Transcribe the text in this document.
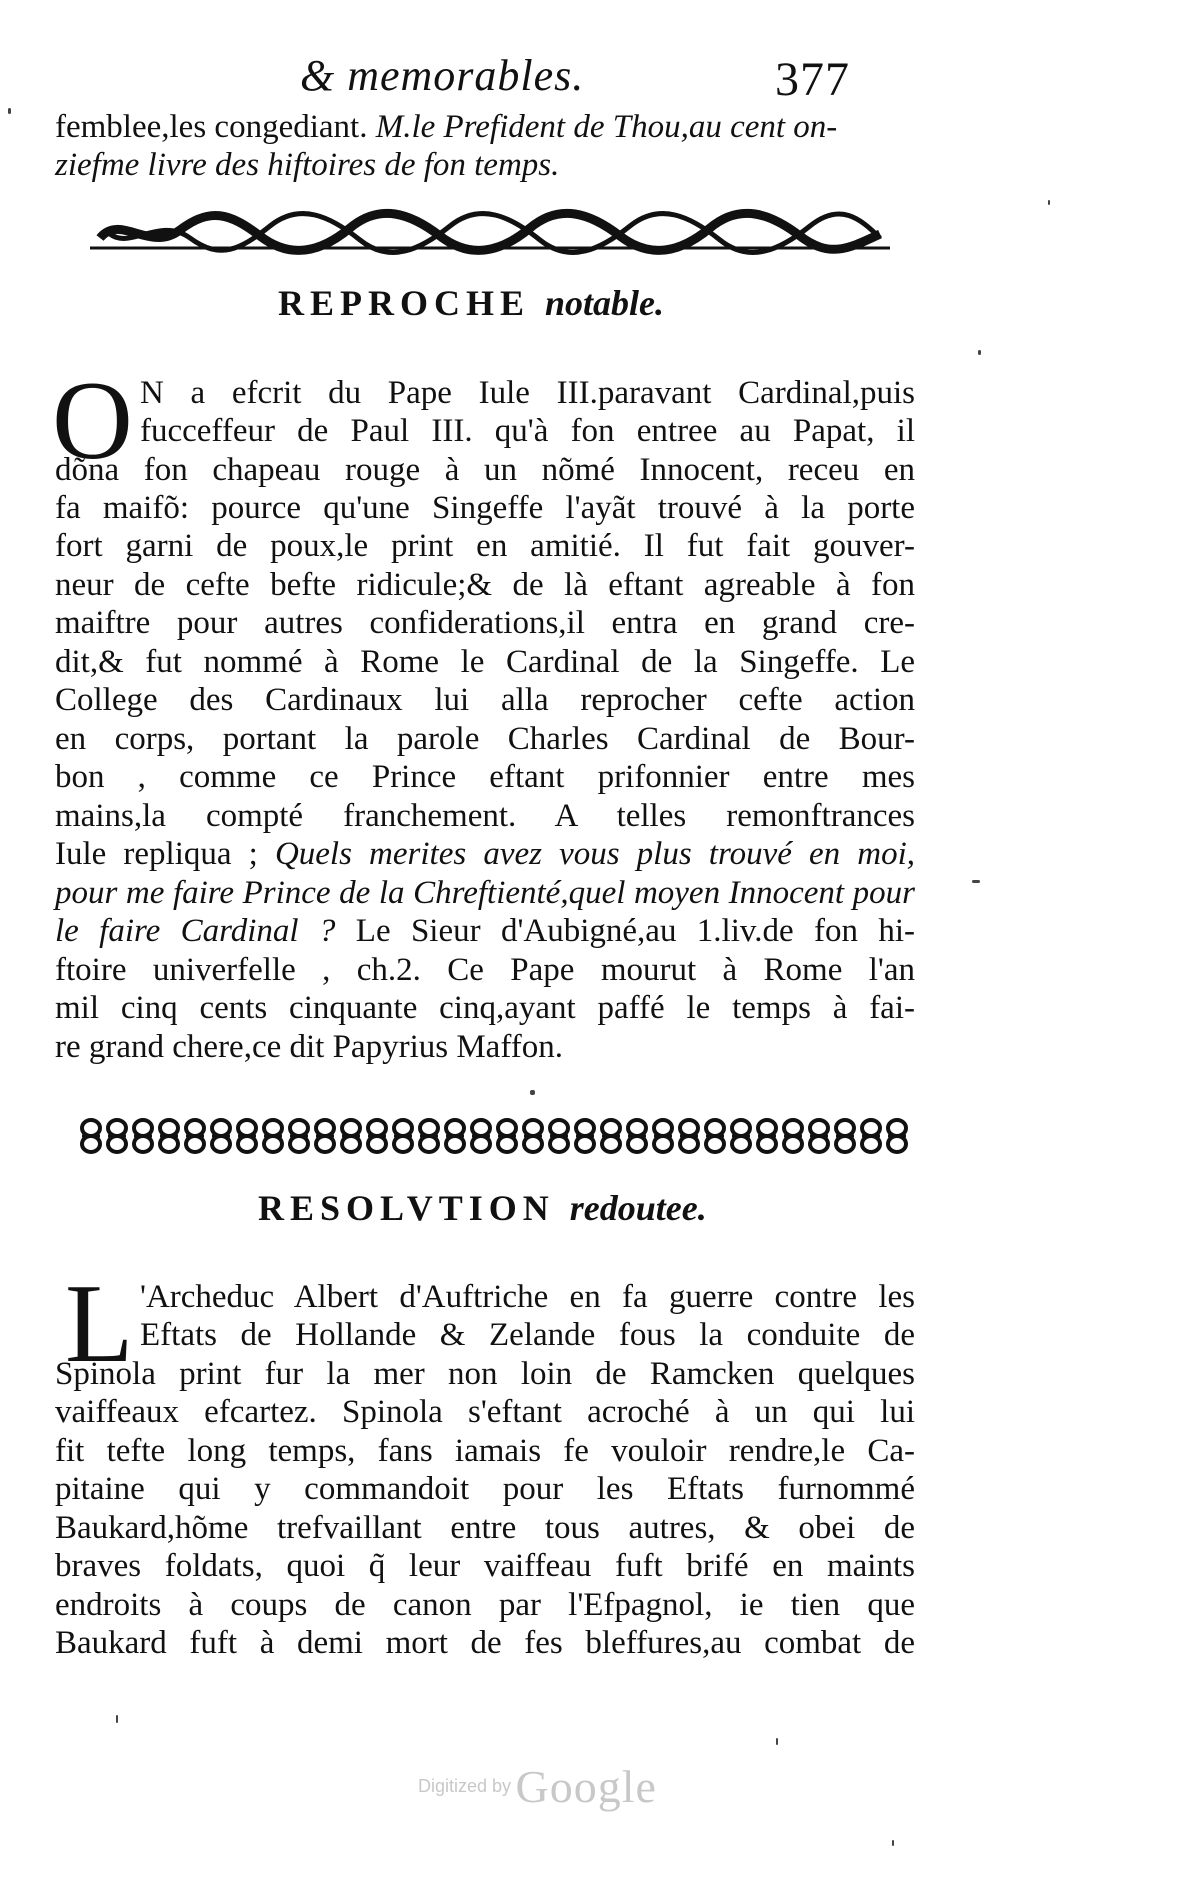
& memorables.	377
femblee,les congediant. M.le Prefident de Thou,au cent on-
ziefme livre des hiftoires de fon temps.
REPROCHE notable.
O N a efcrit du Pape Iule III.paravant Cardinal,puis
fucceffeur de Paul III. qu'à fon entree au Papat, il
dõna fon chapeau rouge à un nõmé Innocent, receu en
fa maifõ: pource qu'une Singeffe l'ayãt trouvé à la porte
fort garni de poux,le print en amitié. Il fut fait gouver-
neur de cefte befte ridicule;& de là eftant agreable à fon
maiftre pour autres confiderations,il entra en grand cre-
dit,& fut nommé à Rome le Cardinal de la Singeffe. Le
College des Cardinaux lui alla reprocher cefte action
en corps, portant la parole Charles Cardinal de Bour-
bon , comme ce Prince eftant prifonnier entre mes
mains,la compté franchement. A telles remonftrances
Iule repliqua ; Quels merites avez vous plus trouvé en moi,
pour me faire Prince de la Chreftienté,quel moyen Innocent pour
le faire Cardinal ? Le Sieur d'Aubigné,au 1.liv.de fon hi-
ftoire univerfelle , ch.2. Ce Pape mourut à Rome l'an
mil cinq cents cinquante cinq,ayant paffé le temps à fai-
re grand chere,ce dit Papyrius Maffon.
RESOLVTION redoutee.
L 'Archeduc Albert d'Auftriche en fa guerre contre les
Eftats de Hollande & Zelande fous la conduite de
Spinola print fur la mer non loin de Ramcken quelques
vaiffeaux efcartez. Spinola s'eftant acroché à un qui lui
fit tefte long temps, fans iamais fe vouloir rendre,le Ca-
pitaine qui y commandoit pour les Eftats furnommé
Baukard,hõme trefvaillant entre tous autres, & obei de
braves foldats, quoi q̃ leur vaiffeau fuft brifé en maints
endroits à coups de canon par l'Efpagnol, ie tien que
Baukard fuft à demi mort de fes bleffures,au combat de
Digitized by Google
